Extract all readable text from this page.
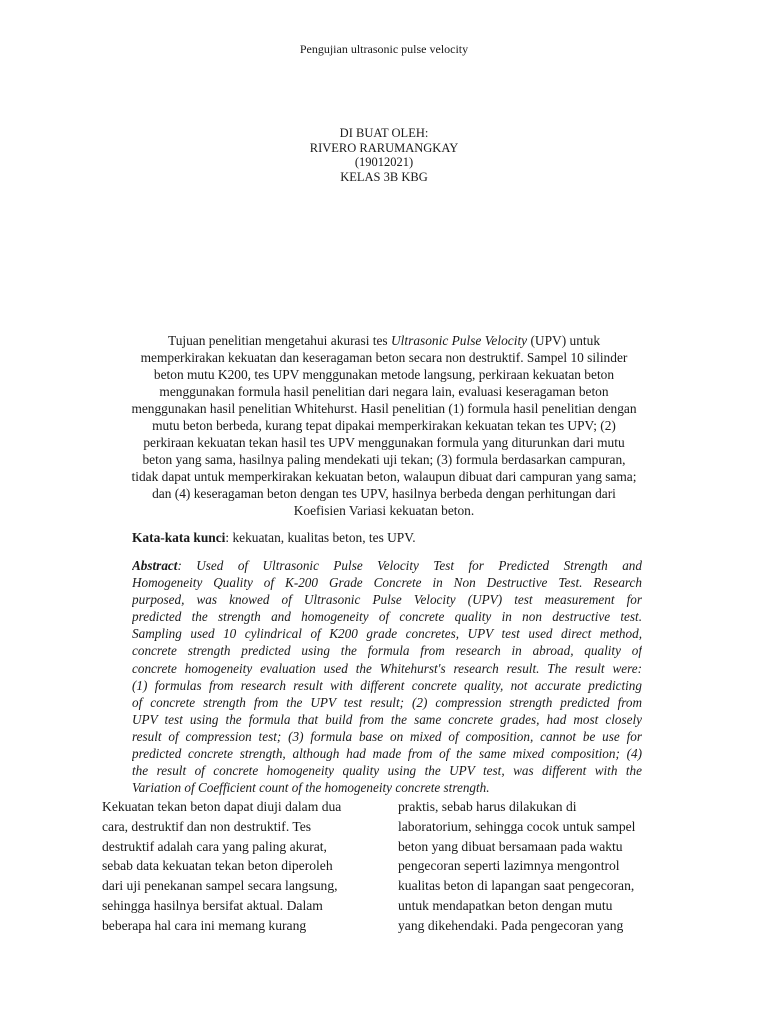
Pengujian ultrasonic pulse velocity
DI BUAT OLEH:
RIVERO RARUMANGKAY
(19012021)
KELAS 3B KBG
Tujuan penelitian mengetahui akurasi tes Ultrasonic Pulse Velocity (UPV) untuk
memperkirakan kekuatan dan keseragaman beton secara non destruktif. Sampel 10 silinder
beton mutu K200, tes UPV menggunakan metode langsung, perkiraan kekuatan beton
menggunakan formula hasil penelitian dari negara lain, evaluasi keseragaman beton
menggunakan hasil penelitian Whitehurst. Hasil penelitian (1) formula hasil penelitian dengan
mutu beton berbeda, kurang tepat dipakai memperkirakan kekuatan tekan tes UPV; (2)
perkiraan kekuatan tekan hasil tes UPV menggunakan formula yang diturunkan dari mutu
beton yang sama, hasilnya paling mendekati uji tekan; (3) formula berdasarkan campuran,
tidak dapat untuk memperkirakan kekuatan beton, walaupun dibuat dari campuran yang sama;
dan (4) keseragaman beton dengan tes UPV, hasilnya berbeda dengan perhitungan dari
Koefisien Variasi kekuatan beton.
Kata-kata kunci: kekuatan, kualitas beton, tes UPV.
Abstract: Used of Ultrasonic Pulse Velocity Test for Predicted Strength and
Homogeneity Quality of K-200 Grade Concrete in Non Destructive Test. Research
purposed, was knowed of Ultrasonic Pulse Velocity (UPV) test measurement for
predicted the strength and homogeneity of concrete quality in non destructive test.
Sampling used 10 cylindrical of K200 grade concretes, UPV test used direct method,
concrete strength predicted using the formula from research in abroad, quality of
concrete homogeneity evaluation used the Whitehurst's research result. The result were:
(1) formulas from research result with different concrete quality, not accurate predicting
of concrete strength from the UPV test result; (2) compression strength predicted from
UPV test using the formula that build from the same concrete grades, had most closely
result of compression test; (3) formula base on mixed of composition, cannot be use for
predicted concrete strength, although had made from of the same mixed composition; (4)
the result of concrete homogeneity quality using the UPV test, was different with the
Variation of Coefficient count of the homogeneity concrete strength.
Kekuatan tekan beton dapat diuji dalam dua
cara, destruktif dan non destruktif. Tes
destruktif adalah cara yang paling akurat,
sebab data kekuatan tekan beton diperoleh
dari uji penekanan sampel secara langsung,
sehingga hasilnya bersifat aktual. Dalam
beberapa hal cara ini memang kurang
praktis, sebab harus dilakukan di
laboratorium, sehingga cocok untuk sampel
beton yang dibuat bersamaan pada waktu
pengecoran seperti lazimnya mengontrol
kualitas beton di lapangan saat pengecoran,
untuk mendapatkan beton dengan mutu
yang dikehendaki. Pada pengecoran yang
